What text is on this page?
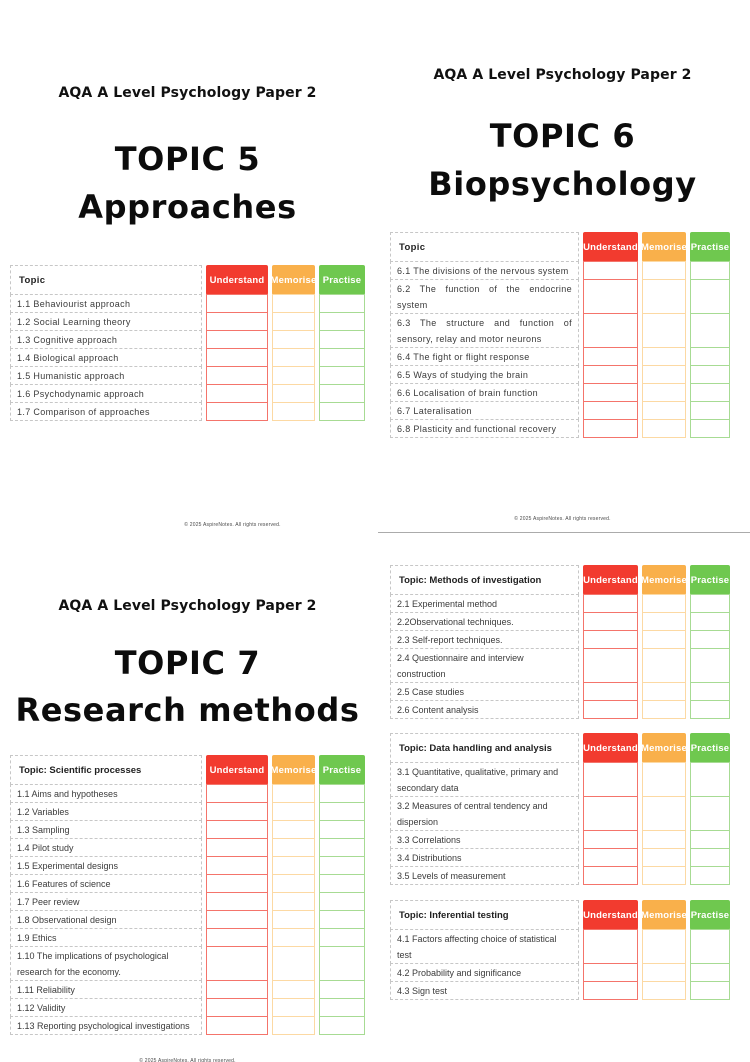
AQA A Level Psychology Paper 2
TOPIC 5
Approaches
Topic	Understand Memorise Practise
1.1 Behaviourist approach
1.2 Social Learning theory
1.3 Cognitive approach
1.4 Biological approach
1.5 Humanistic approach
1.6 Psychodynamic approach
1.7 Comparison of approaches
© 2025 AspireNotes. All rights reserved.
AQA A Level Psychology Paper 2
TOPIC 6
Biopsychology
Topic	Understand Memorise Practise
6.1 The divisions of the nervous system
6.2 The function of the endocrine system
6.3 The structure and function of sensory, relay and motor neurons
6.4 The fight or flight response
6.5 Ways of studying the brain
6.6 Localisation of brain function
6.7 Lateralisation
6.8 Plasticity and functional recovery
© 2025 AspireNotes. All rights reserved.
AQA A Level Psychology Paper 2
TOPIC 7
Research methods
Topic: Scientific processes	Understand Memorise Practise
1.1 Aims and hypotheses
1.2 Variables
1.3 Sampling
1.4 Pilot study
1.5 Experimental designs
1.6 Features of science
1.7 Peer review
1.8 Observational design
1.9 Ethics
1.10 The implications of psychological research for the economy.
1.11 Reliability
1.12 Validity
1.13 Reporting psychological investigations
© 2025 AspireNotes. All rights reserved.
Topic: Methods of investigation	Understand Memorise Practise
2.1 Experimental method
2.2Observational techniques.
2.3 Self-report techniques.
2.4 Questionnaire and interview construction
2.5 Case studies
2.6 Content analysis
Topic: Data handling and analysis	Understand Memorise Practise
3.1 Quantitative, qualitative, primary and secondary data
3.2 Measures of central tendency and dispersion
3.3 Correlations
3.4 Distributions
3.5 Levels of measurement
Topic: Inferential testing	Understand Memorise Practise
4.1 Factors affecting choice of statistical test
4.2 Probability and significance
4.3 Sign test
